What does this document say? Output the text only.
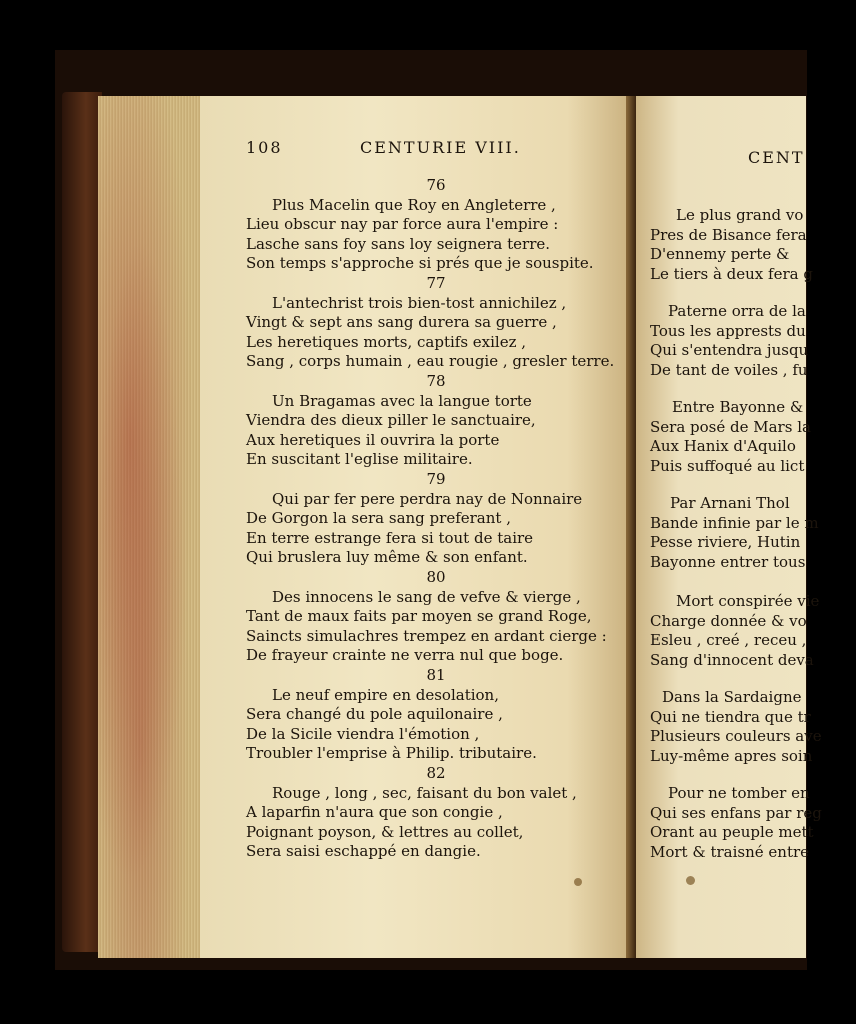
108	CENTURIE VIII.
CENT
76
Plus Macelin que Roy en Angleterre ,
Lieu obscur nay par force aura l'empire :
Lasche sans foy sans loy seignera terre.
Son temps s'approche si prés que je souspite.
77
L'antechrist trois bien-tost annichilez ,
Vingt & sept ans sang durera sa guerre ,
Les heretiques morts, captifs exilez ,
Sang , corps humain , eau rougie , gresler terre.
78
Un Bragamas avec la langue torte
Viendra des dieux piller le sanctuaire,
Aux heretiques il ouvrira la porte
En suscitant l'eglise militaire.
79
Qui par fer pere perdra nay de Nonnaire
De Gorgon la sera sang preferant ,
En terre estrange fera si tout de taire
Qui bruslera luy même & son enfant.
80
Des innocens le sang de vefve & vierge ,
Tant de maux faits par moyen se grand Roge,
Saincts simulachres trempez en ardant cierge :
De frayeur crainte ne verra nul que boge.
81
Le neuf empire en desolation,
Sera changé du pole aquilonaire ,
De la Sicile viendra l'émotion ,
Troubler l'emprise à Philip. tributaire.
82
Rouge , long , sec, faisant du bon valet ,
A laparfin n'aura que son congie ,
Poignant poyson, & lettres au collet,
Sera saisi eschappé en dangie.
Le plus grand vo
Pres de Bisance fera
D'ennemy perte &
Le tiers à deux fera g
Paterne orra de la
Tous les apprests du
Qui s'entendra jusqu
De tant de voiles , fu
Entre Bayonne &
Sera posé de Mars la
Aux Hanix d'Aquilo
Puis suffoqué au lict
Par Arnani Thol
Bande infinie par le m
Pesse riviere, Hutin
Bayonne entrer tous
Mort conspirée vie
Charge donnée & vo
Esleu , creé , receu ,
Sang d'innocent deva
Dans la Sardaigne
Qui ne tiendra que tr
Plusieurs couleurs ave
Luy-même apres soin
Pour ne tomber en
Qui ses enfans par reg
Orant au peuple mett
Mort & traisné entre
